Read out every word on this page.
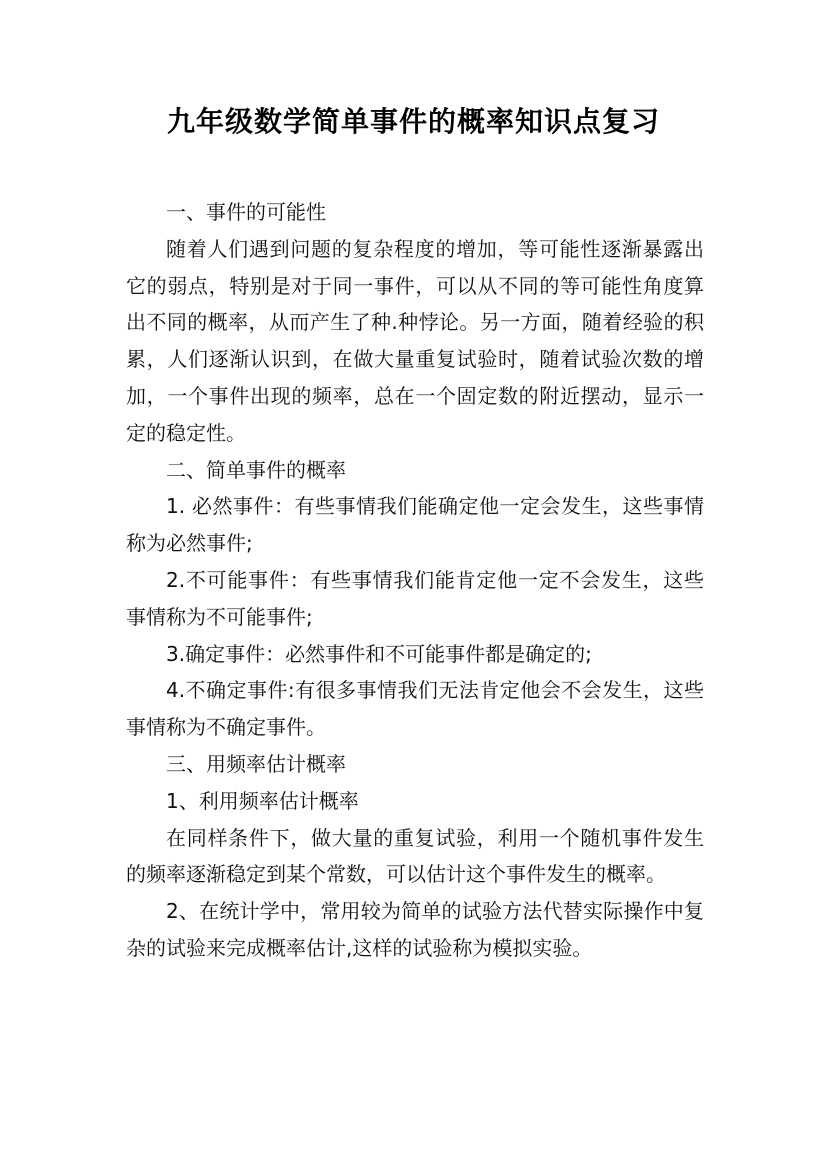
九年级数学简单事件的概率知识点复习

一、事件的可能性

随着人们遇到问题的复杂程度的增加，等可能性逐渐暴露出它的弱点，特别是对于同一事件，可以从不同的等可能性角度算出不同的概率，从而产生了种.种悖论。另一方面，随着经验的积累，人们逐渐认识到，在做大量重复试验时，随着试验次数的增加，一个事件出现的频率，总在一个固定数的附近摆动，显示一定的稳定性。

二、简单事件的概率

1. 必然事件：有些事情我们能确定他一定会发生，这些事情称为必然事件;

2.不可能事件：有些事情我们能肯定他一定不会发生，这些事情称为不可能事件;

3.确定事件：必然事件和不可能事件都是确定的;

4.不确定事件:有很多事情我们无法肯定他会不会发生，这些事情称为不确定事件。

三、用频率估计概率

1、利用频率估计概率

在同样条件下，做大量的重复试验，利用一个随机事件发生的频率逐渐稳定到某个常数，可以估计这个事件发生的概率。

2、在统计学中，常用较为简单的试验方法代替实际操作中复杂的试验来完成概率估计,这样的试验称为模拟实验。
